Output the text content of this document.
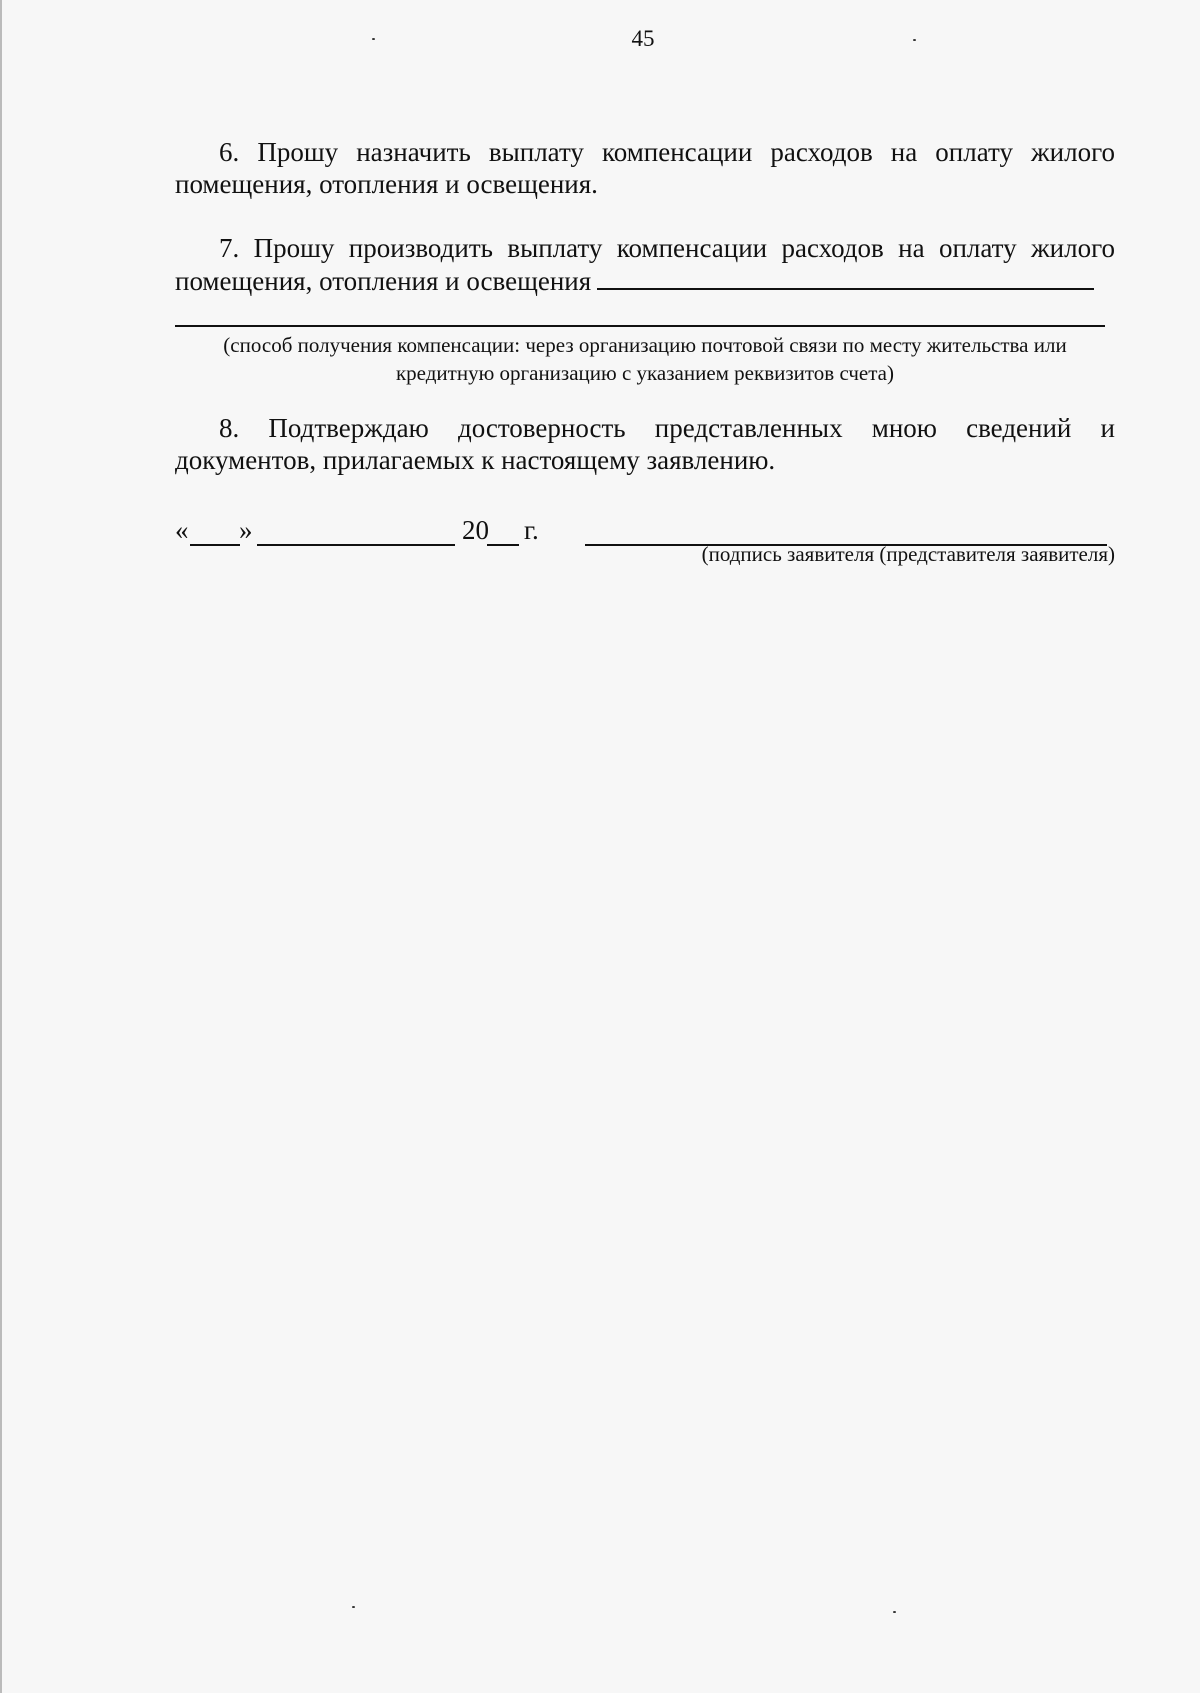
45
6. Прошу назначить выплату компенсации расходов на оплату жилого помещения, отопления и освещения.
7. Прошу производить выплату компенсации расходов на оплату жилого помещения, отопления и освещения
(способ получения компенсации: через организацию почтовой связи по месту жительства или кредитную организацию с указанием реквизитов счета)
8. Подтверждаю достоверность представленных мною сведений и
документов, прилагаемых к настоящему заявлению.
« »	20 г.
(подпись заявителя (представителя заявителя)
